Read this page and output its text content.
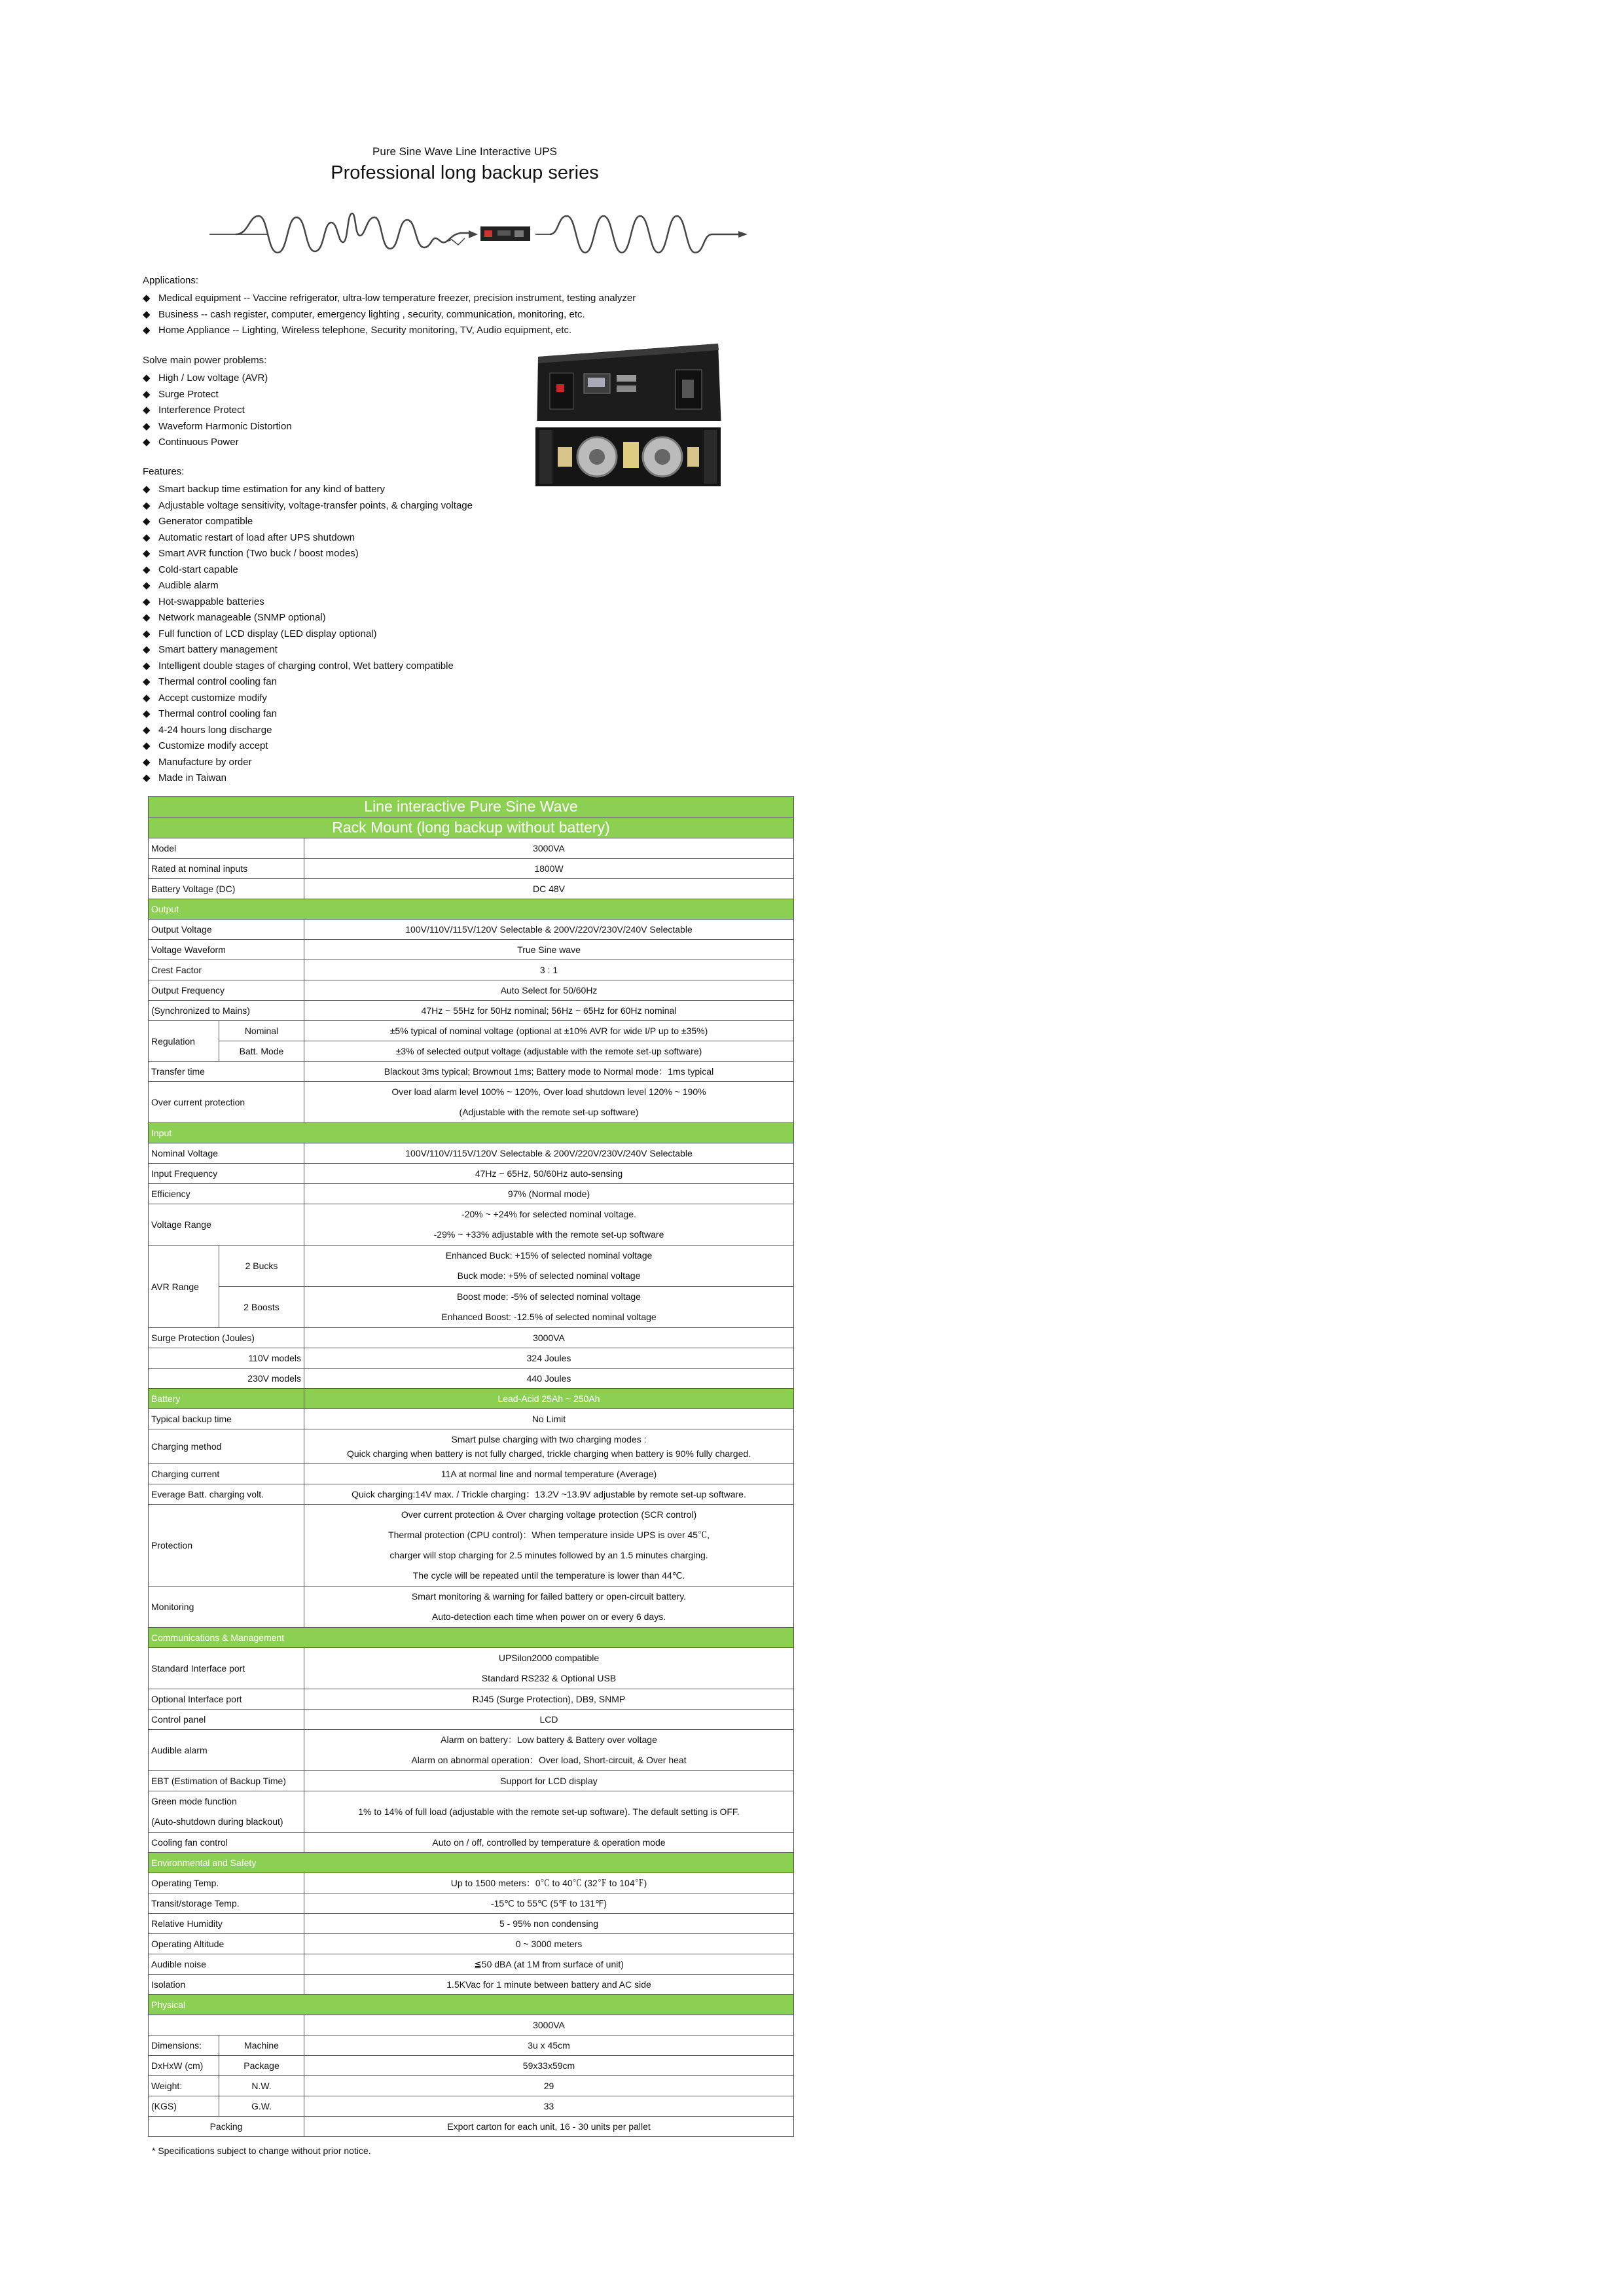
Pure Sine Wave Line Interactive UPS
Professional long backup series
Applications:
◆ Medical equipment -- Vaccine refrigerator, ultra-low temperature freezer, precision instrument, testing analyzer
◆ Business -- cash register, computer, emergency lighting , security, communication, monitoring, etc.
◆ Home Appliance -- Lighting, Wireless telephone, Security monitoring, TV, Audio equipment, etc.
Solve main power problems:
◆ High / Low voltage (AVR)
◆ Surge Protect
◆ Interference Protect
◆ Waveform Harmonic Distortion
◆ Continuous Power
Features:
◆ Smart backup time estimation for any kind of battery
◆ Adjustable voltage sensitivity, voltage-transfer points, & charging voltage
◆ Generator compatible
◆ Automatic restart of load after UPS shutdown
◆ Smart AVR function (Two buck / boost modes)
◆ Cold-start capable
◆ Audible alarm
◆ Hot-swappable batteries
◆ Network manageable (SNMP optional)
◆ Full function of LCD display (LED display optional)
◆ Smart battery management
◆ Intelligent double stages of charging control, Wet battery compatible
◆ Thermal control cooling fan
◆ Accept customize modify
◆ Thermal control cooling fan
◆ 4-24 hours long discharge
◆ Customize modify accept
◆ Manufacture by order
◆ Made in Taiwan
Line interactive Pure Sine Wave		
Rack Mount (long backup without battery)		
Model		3000VA
Rated at nominal inputs		1800W
Battery Voltage (DC)		DC 48V
Output		
Output Voltage		100V/110V/115V/120V Selectable & 200V/220V/230V/240V Selectable
Voltage Waveform		True Sine wave
Crest Factor		3 : 1
Output Frequency		Auto Select for 50/60Hz
(Synchronized to Mains)		47Hz ~ 55Hz for 50Hz nominal; 56Hz ~ 65Hz for 60Hz nominal
Regulation	Nominal	±5% typical of nominal voltage (optional at ±10% AVR for wide I/P up to ±35%)
	Batt. Mode	±3% of selected output voltage (adjustable with the remote set-up software)
Transfer time		Blackout 3ms typical; Brownout 1ms; Battery mode to Normal mode：1ms typical
Over current protection		Over load alarm level 100% ~ 120%, Over load shutdown level 120% ~ 190%
(Adjustable with the remote set-up software)

Input		
Nominal Voltage		100V/110V/115V/120V Selectable & 200V/220V/230V/240V Selectable
Input Frequency		47Hz ~ 65Hz, 50/60Hz auto-sensing
Efficiency		97% (Normal mode)
Voltage Range		-20% ~ +24% for selected nominal voltage.
-29% ~ +33% adjustable with the remote set-up software

AVR Range	2 Bucks	Enhanced Buck: +15% of selected nominal voltage
Buck mode: +5% of selected nominal voltage

	2 Boosts	Boost mode: -5% of selected nominal voltage
Enhanced Boost: -12.5% of selected nominal voltage

Surge Protection (Joules)		3000VA
110V models		324 Joules
230V models		440 Joules
Battery		Lead-Acid 25Ah ~ 250Ah
Typical backup time		No Limit
Charging method		Smart pulse charging with two charging modes :
Quick charging when battery is not fully charged, trickle charging when battery is 90% fully charged.

Charging current		11A at normal line and normal temperature (Average)
Everage Batt. charging volt.		Quick charging:14V max. / Trickle charging：13.2V ~13.9V adjustable by remote set-up software.
Protection		Over current protection & Over charging voltage protection (SCR control)
Thermal protection (CPU control)：When temperature inside UPS is over 45℃,
charger will stop charging for 2.5 minutes followed by an 1.5 minutes charging.
The cycle will be repeated until the temperature is lower than 44℃.

Monitoring		Smart monitoring & warning for failed battery or open-circuit battery.
Auto-detection each time when power on or every 6 days.

Communications & Management		
Standard Interface port		UPSilon2000 compatible
Standard RS232 & Optional USB

Optional Interface port		RJ45 (Surge Protection), DB9, SNMP
Control panel		LCD
Audible alarm		Alarm on battery：Low battery & Battery over voltage
Alarm on abnormal operation：Over load, Short-circuit, & Over heat

EBT (Estimation of Backup Time)		Support for LCD display

Green mode function
(Auto-shutdown during blackout)		1% to 14% of full load (adjustable with the remote set-up software). The default setting is OFF.
Cooling fan control		Auto on / off, controlled by temperature & operation mode
Environmental and Safety		
Operating Temp.		Up to 1500 meters：0℃ to 40℃ (32℉ to 104℉)
Transit/storage Temp.		-15℃ to 55℃ (5℉ to 131℉)
Relative Humidity		5 - 95% non condensing
Operating Altitude		0 ~ 3000 meters
Audible noise		≦50 dBA (at 1M from surface of unit)
Isolation		1.5KVac for 1 minute between battery and AC side
Physical		
		3000VA
Dimensions:	Machine	3u x 45cm
DxHxW (cm)	Package	59x33x59cm
Weight:	N.W.	29
(KGS)	G.W.	33
Packing		Export carton for each unit, 16 - 30 units per pallet
* Specifications subject to change without prior notice.
